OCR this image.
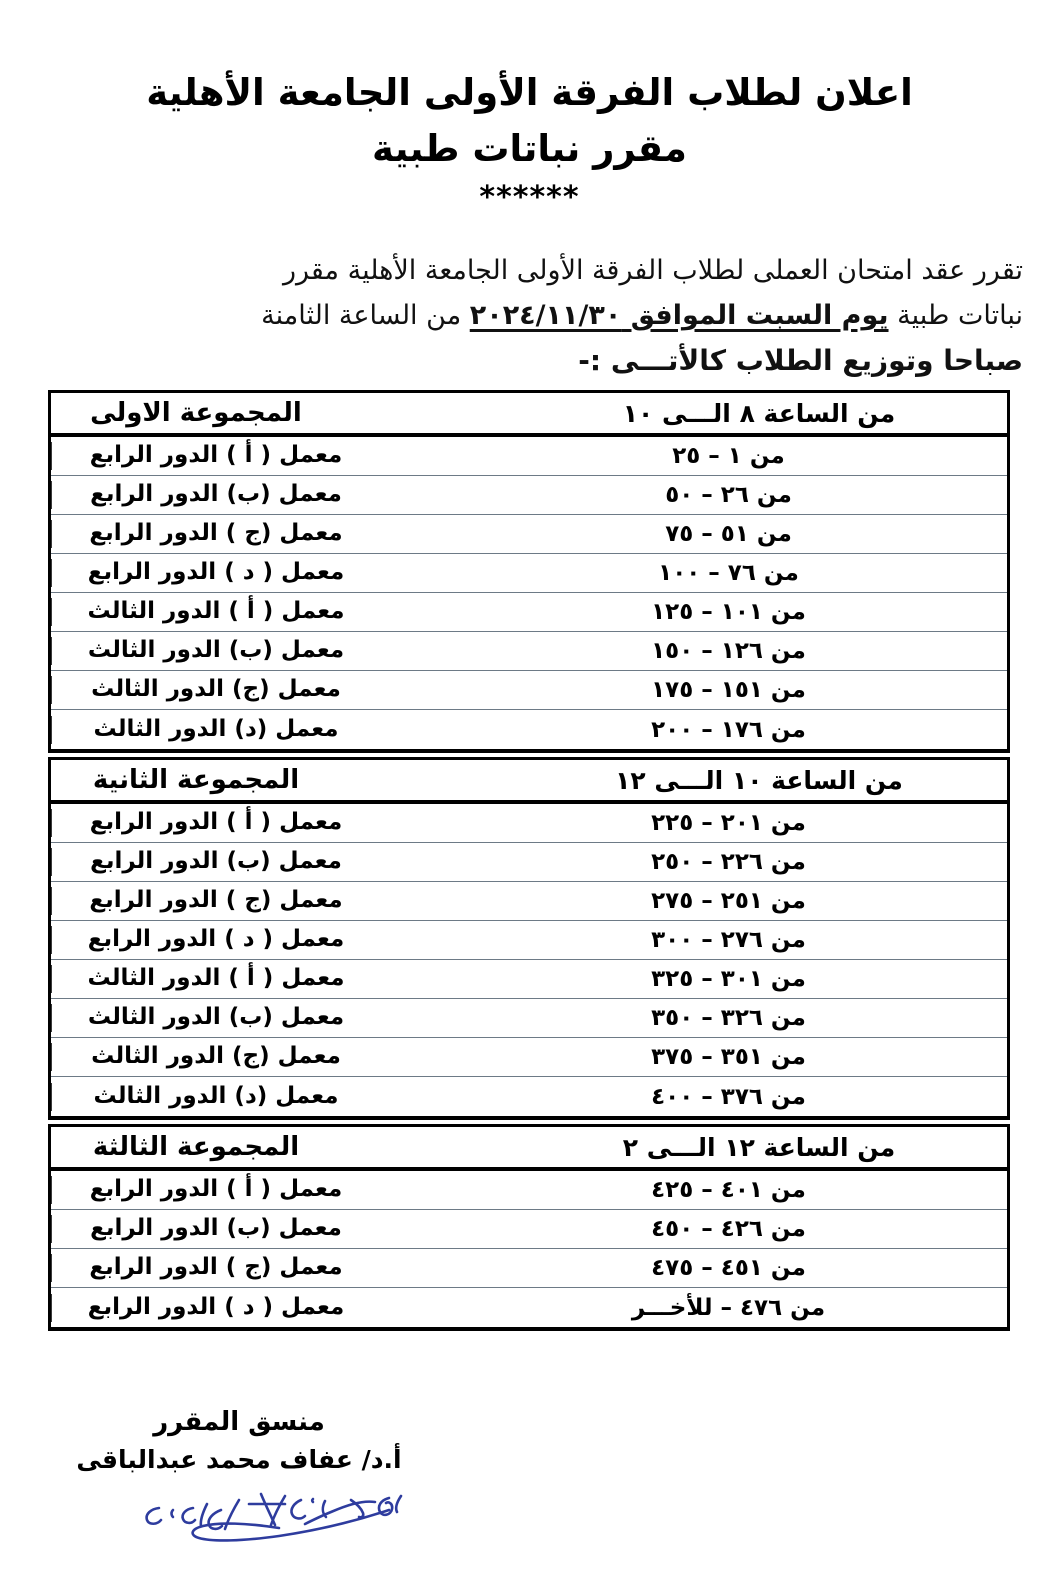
اعلان لطلاب الفرقة الأولى الجامعة الأهلية
مقرر نباتات طبية
******
تقرر عقد امتحان العملى لطلاب الفرقة الأولى الجامعة الأهلية مقرر
نباتات طبية يوم السبت الموافق ٢٠٢٤/١١/٣٠ من الساعة الثامنة
صباحا وتوزيع الطلاب كالأتـــى :-
من الساعة ٨ الـــى ١٠
المجموعة الاولى
من ١ – ٢٥
معمل ( أ ) الدور الرابع
من ٢٦ – ٥٠
معمل (ب) الدور الرابع
من ٥١ – ٧٥
معمل (ج ) الدور الرابع
من ٧٦ – ١٠٠
معمل ( د ) الدور الرابع
من ١٠١ – ١٢٥
معمل ( أ ) الدور الثالث
من ١٢٦ – ١٥٠
معمل (ب) الدور الثالث
من ١٥١ – ١٧٥
معمل (ج) الدور الثالث
من ١٧٦ – ٢٠٠
معمل (د) الدور الثالث
من الساعة ١٠ الـــى ١٢
المجموعة الثانية
من ٢٠١ – ٢٢٥
معمل ( أ ) الدور الرابع
من ٢٢٦ – ٢٥٠
معمل (ب) الدور الرابع
من ٢٥١ – ٢٧٥
معمل (ج ) الدور الرابع
من ٢٧٦ – ٣٠٠
معمل ( د ) الدور الرابع
من ٣٠١ – ٣٢٥
معمل ( أ ) الدور الثالث
من ٣٢٦ – ٣٥٠
معمل (ب) الدور الثالث
من ٣٥١ – ٣٧٥
معمل (ج) الدور الثالث
من ٣٧٦ – ٤٠٠
معمل (د) الدور الثالث
من الساعة ١٢ الـــى ٢
المجموعة الثالثة
من ٤٠١ – ٤٢٥
معمل ( أ ) الدور الرابع
من ٤٢٦ – ٤٥٠
معمل (ب) الدور الرابع
من ٤٥١ – ٤٧٥
معمل (ج ) الدور الرابع
من ٤٧٦ – للأخـــر
معمل ( د ) الدور الرابع
منسق المقرر
أ.د/ عفاف محمد عبدالباقى
